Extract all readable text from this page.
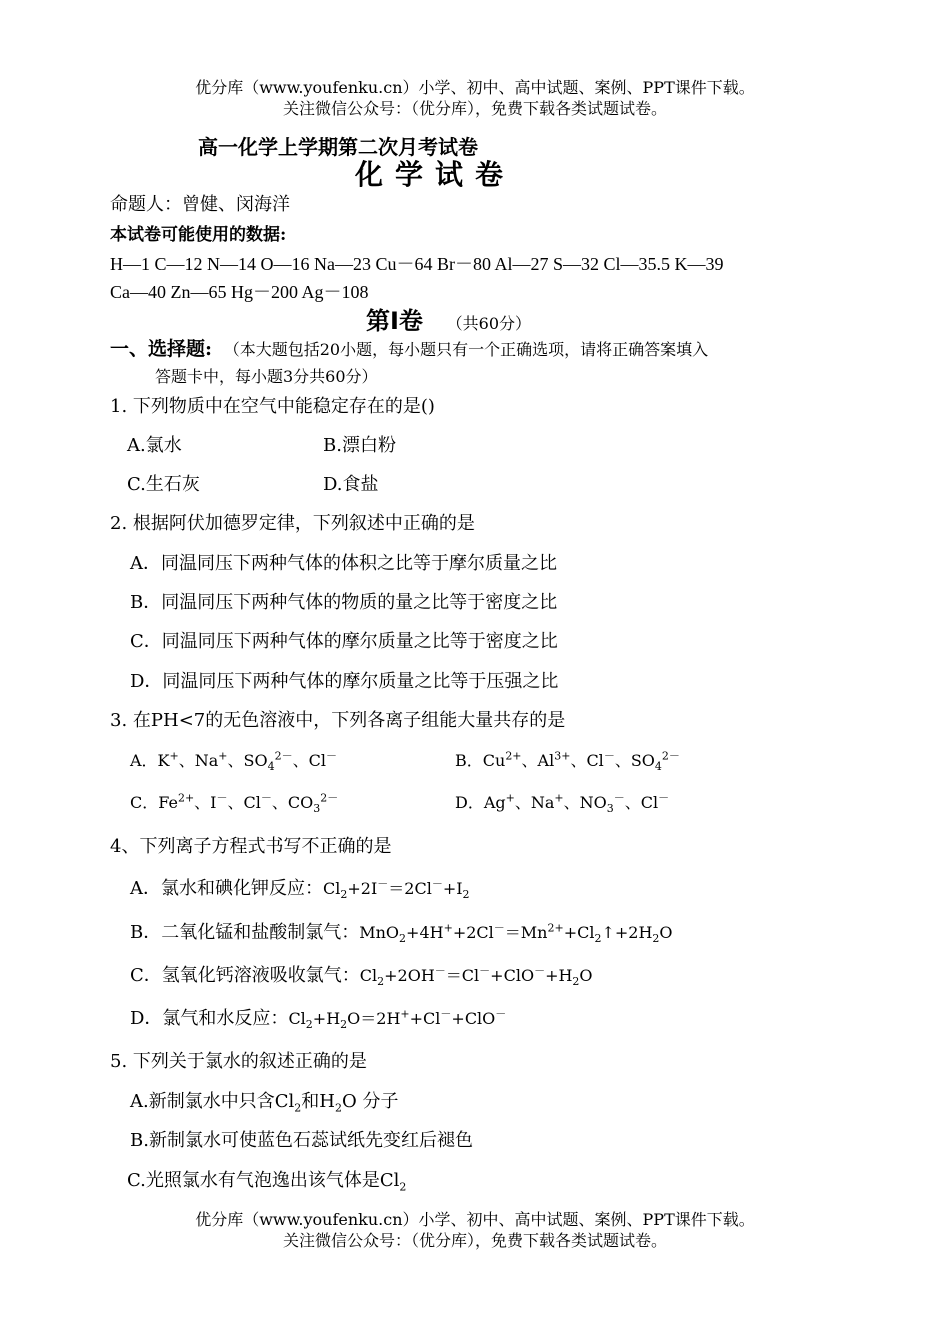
优分库（www.youfenku.cn）小学、初中、高中试题、案例、PPT课件下载。
关注微信公众号：（优分库），免费下载各类试题试卷。
高一化学上学期第二次月考试卷
化学试卷
命题人：曾健、闵海洋
本试卷可能使用的数据:
H—1 C—12 N—14 O—16 Na—23 Cu－64 Br－80 Al—27 S—32 Cl—35.5 K—39
Ca—40 Zn—65 Hg－200 Ag－108
第Ⅰ卷 （共60分）
一、选择题: （本大题包括20小题，每小题只有一个正确选项，请将正确答案填入
答题卡中，每小题3分共60分）
1. 下列物质中在空气中能稳定存在的是()
A.氯水	B.漂白粉
C.生石灰	D.食盐
2. 根据阿伏加德罗定律，下列叙述中正确的是
A．同温同压下两种气体的体积之比等于摩尔质量之比
B．同温同压下两种气体的物质的量之比等于密度之比
C．同温同压下两种气体的摩尔质量之比等于密度之比
D．同温同压下两种气体的摩尔质量之比等于压强之比
3. 在PH<7的无色溶液中，下列各离子组能大量共存的是
A．K+、Na+、$SO_4^{2-}$、Cl－	B．$Cu^{2+}$、$Al^{3+}$、Cl－、$SO_4^{2-}$
C．$Fe^{2+}$、I－、Cl－、$CO_3^{2-}$	D．Ag+、Na+、$NO_3^-$、Cl－
4、下列离子方程式书写不正确的是
A．氯水和碘化钾反应：$Cl_2+2I^-=2Cl^-+I_2$
B．二氧化锰和盐酸制氯气：$MnO_2+4H^++2Cl^-=Mn^{2+}+Cl_2↑+2H_2O$
C．氢氧化钙溶液吸收氯气：$Cl_2+2OH^-=Cl^-+ClO^-+H_2O$
D．氯气和水反应：$Cl_2+H_2O=2H^++Cl^-+ClO^-$
5. 下列关于氯水的叙述正确的是
A.新制氯水中只含$Cl_2$和$H_2O$ 分子
B.新制氯水可使蓝色石蕊试纸先变红后褪色
C.光照氯水有气泡逸出该气体是$Cl_2$
优分库（www.youfenku.cn）小学、初中、高中试题、案例、PPT课件下载。
关注微信公众号：（优分库），免费下载各类试题试卷。
